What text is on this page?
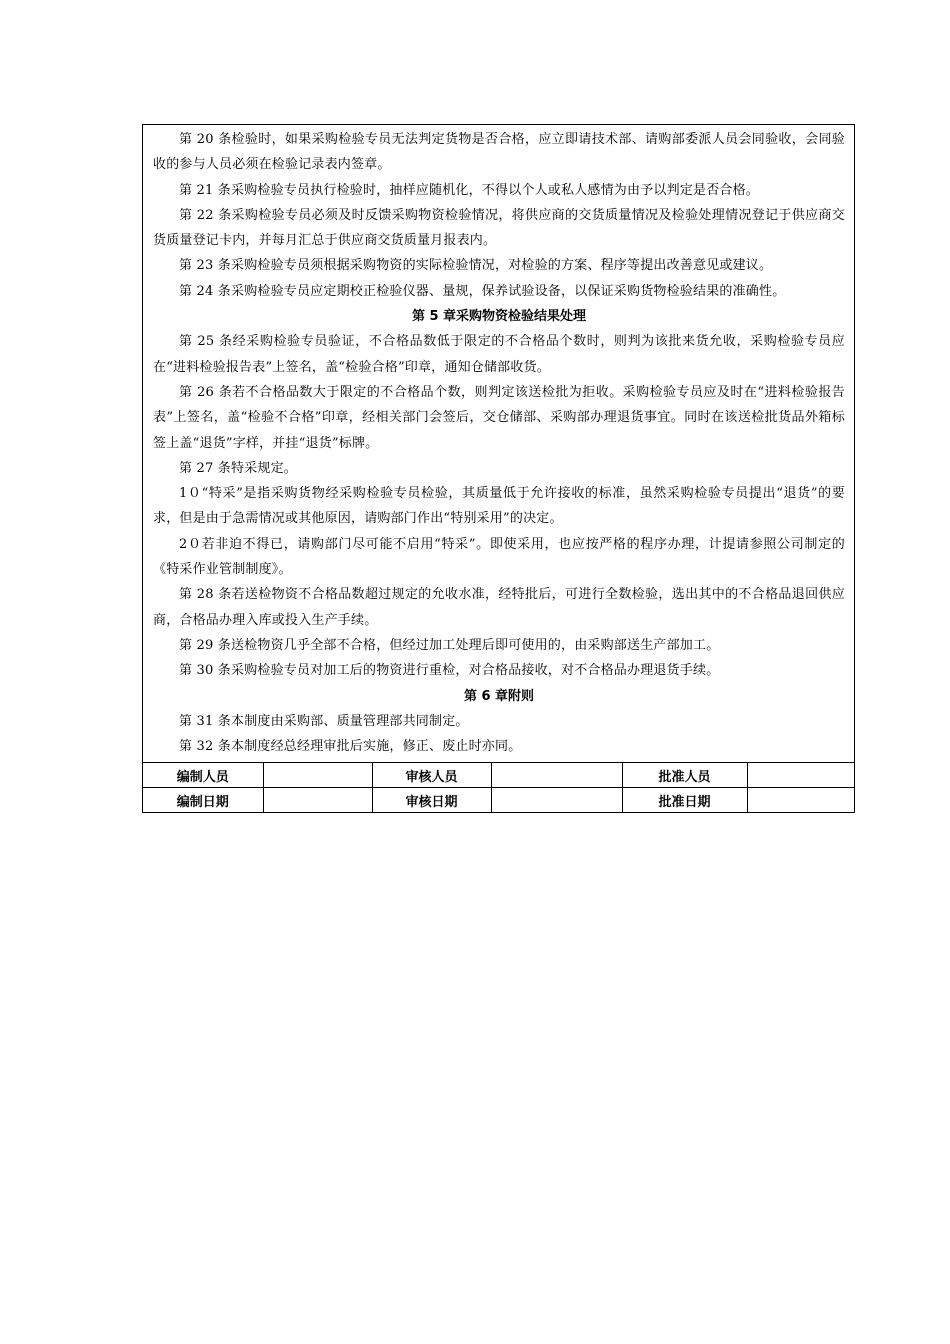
第 20 条检验时，如果采购检验专员无法判定货物是否合格，应立即请技术部、请购部委派人员会同验收，会同验收的参与人员必须在检验记录表内签章。

第 21 条采购检验专员执行检验时，抽样应随机化，不得以个人或私人感情为由予以判定是否合格。

第 22 条采购检验专员必须及时反馈采购物资检验情况，将供应商的交货质量情况及检验处理情况登记于供应商交货质量登记卡内，并每月汇总于供应商交货质量月报表内。

第 23 条采购检验专员须根据采购物资的实际检验情况，对检验的方案、程序等提出改善意见或建议。

第 24 条采购检验专员应定期校正检验仪器、量规，保养试验设备，以保证采购货物检验结果的准确性。

第 5 章采购物资检验结果处理

第 25 条经采购检验专员验证，不合格品数低于限定的不合格品个数时，则判为该批来货允收，采购检验专员应在“进料检验报告表”上签名，盖“检验合格”印章，通知仓储部收货。

第 26 条若不合格品数大于限定的不合格品个数，则判定该送检批为拒收。采购检验专员应及时在“进料检验报告表”上签名，盖“检验不合格”印章，经相关部门会签后，交仓储部、采购部办理退货事宜。同时在该送检批货品外箱标签上盖“退货”字样，并挂“退货”标牌。

第 27 条特采规定。

1０“特采”是指采购货物经采购检验专员检验，其质量低于允许接收的标准，虽然采购检验专员提出“退货”的要求，但是由于急需情况或其他原因，请购部门作出“特别采用”的决定。

2０若非迫不得已，请购部门尽可能不启用“特采”。即使采用，也应按严格的程序办理，计提请参照公司制定的《特采作业管制制度》。

第 28 条若送检物资不合格品数超过规定的允收水准，经特批后，可进行全数检验，选出其中的不合格品退回供应商，合格品办理入库或投入生产手续。

第 29 条送检物资几乎全部不合格，但经过加工处理后即可使用的，由采购部送生产部加工。

第 30 条采购检验专员对加工后的物资进行重检，对合格品接收，对不合格品办理退货手续。

第 6 章附则

第 31 条本制度由采购部、质量管理部共同制定。

第 32 条本制度经总经理审批后实施，修正、废止时亦同。

编制人员		审核人员		批准人员	
编制日期		审核日期		批准日期	
